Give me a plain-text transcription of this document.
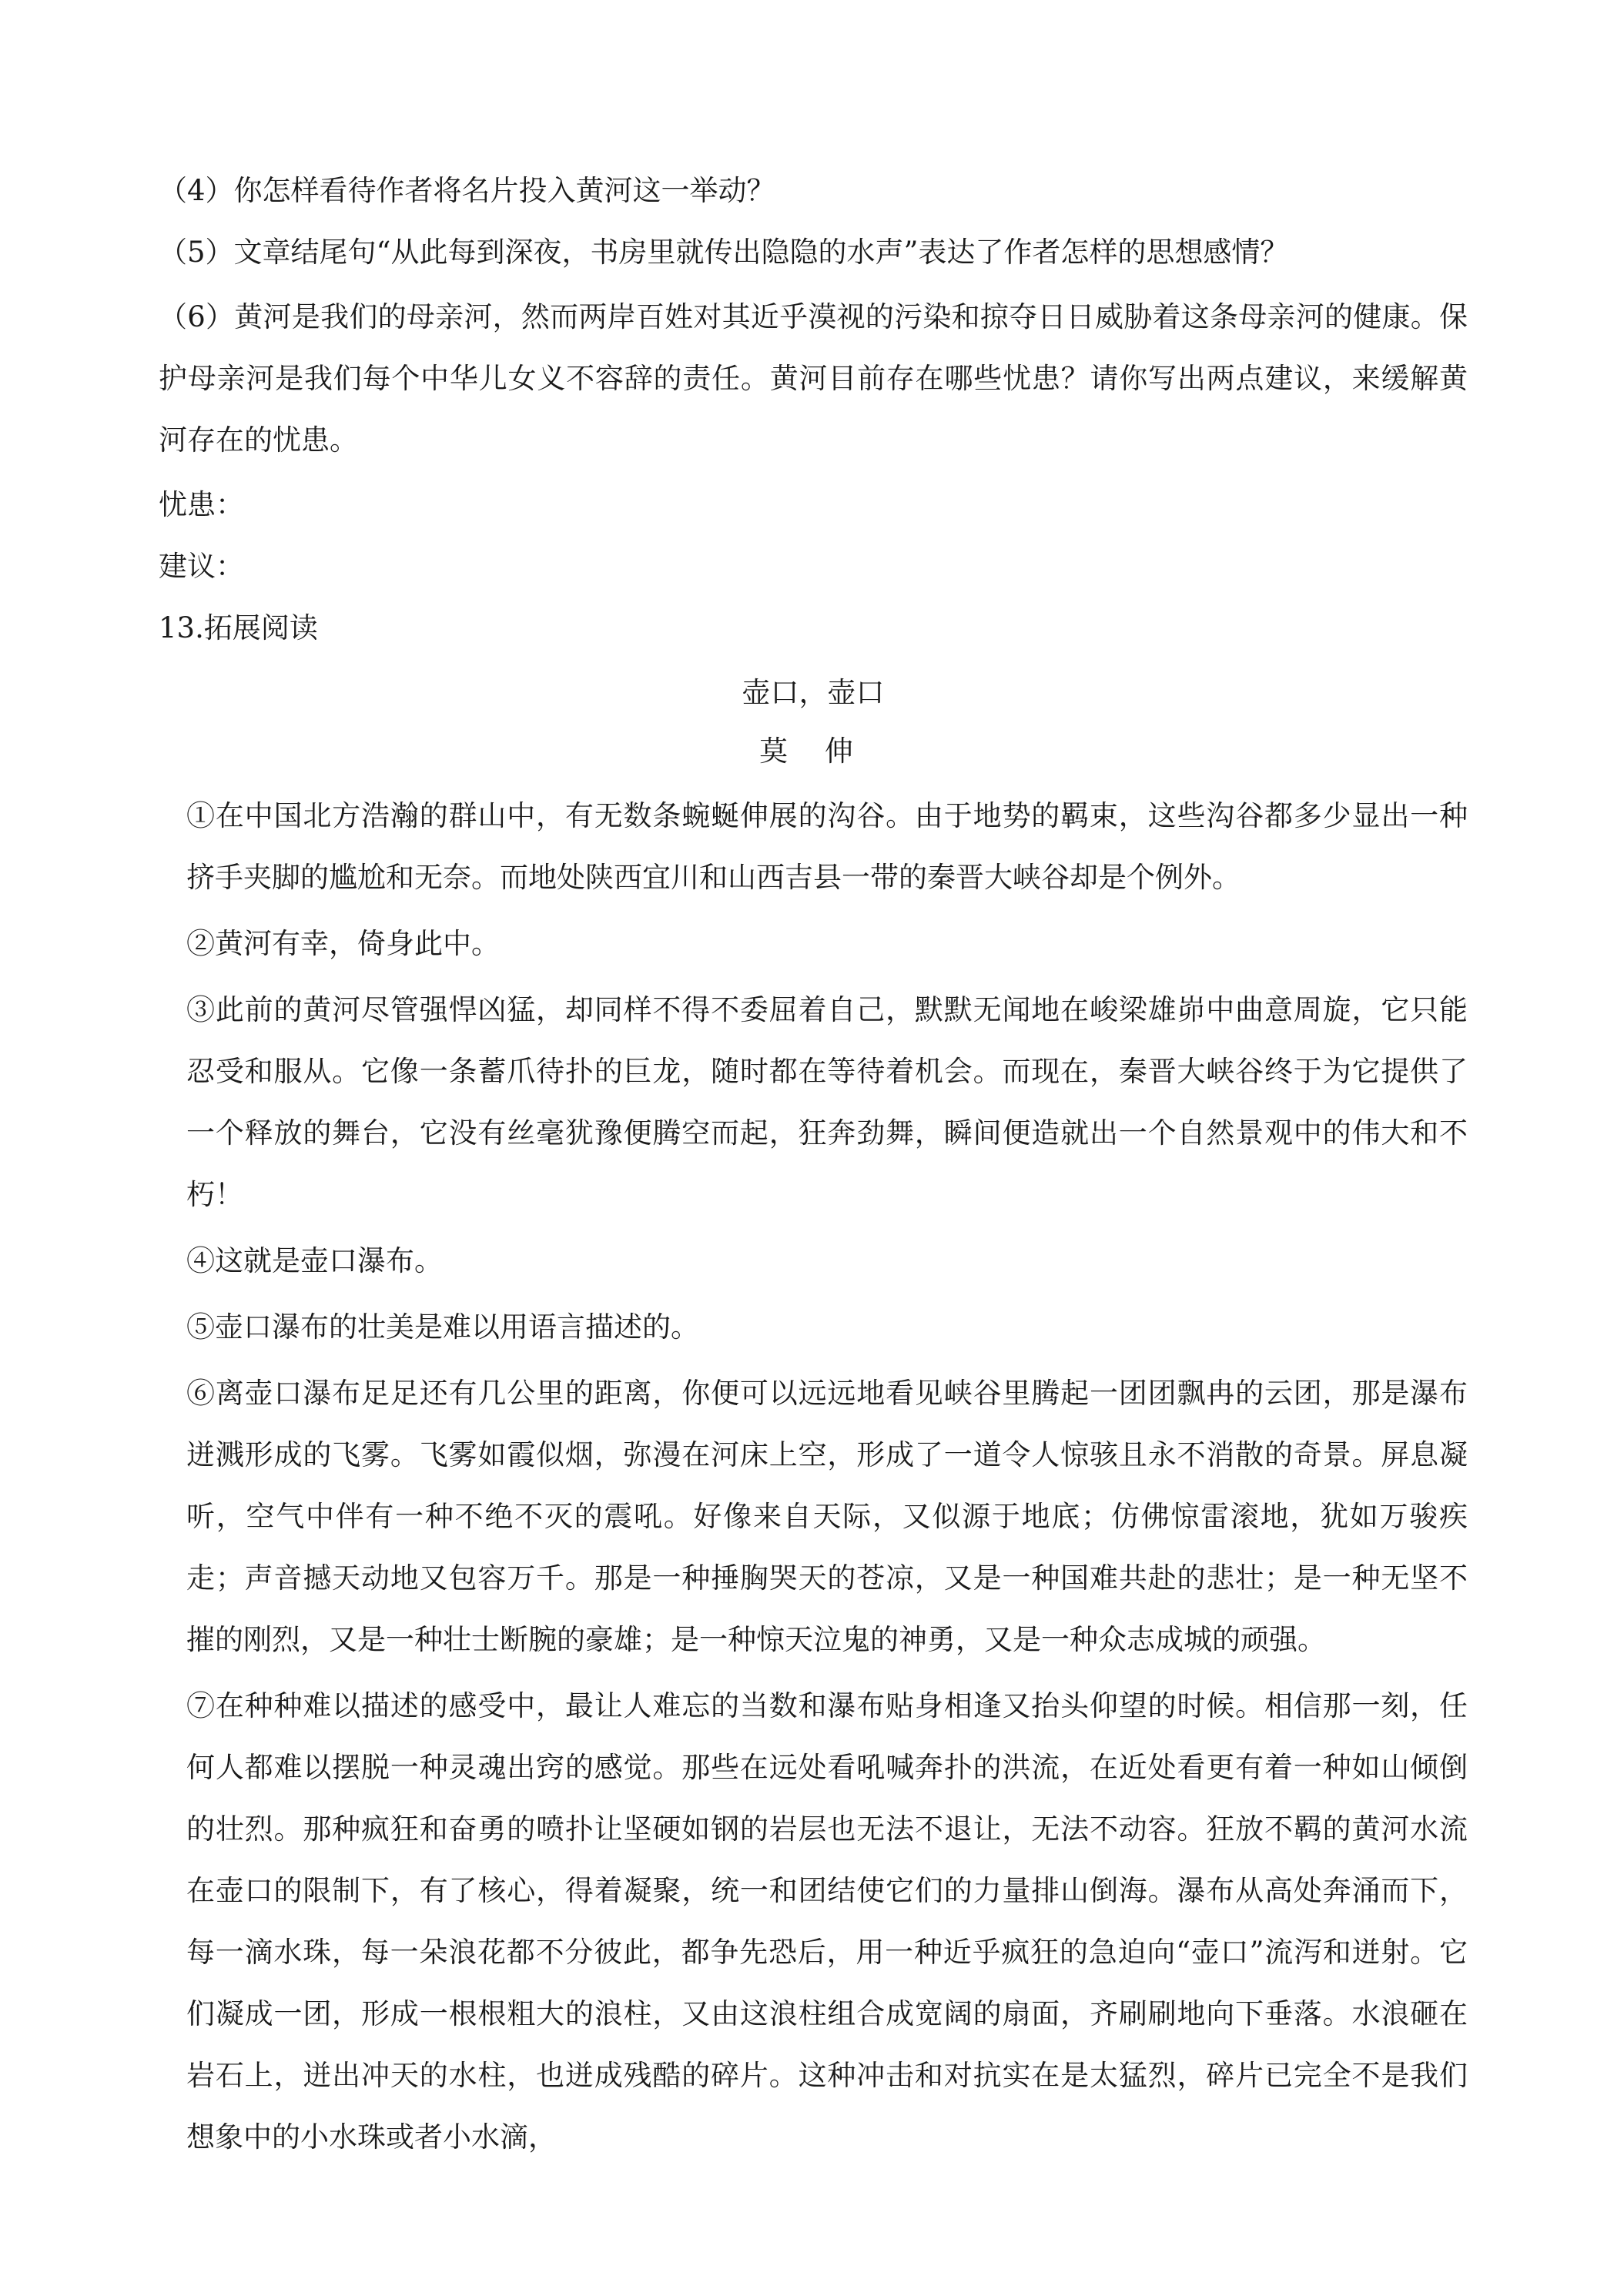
（4）你怎样看待作者将名片投入黄河这一举动？
（5）文章结尾句“从此每到深夜，书房里就传出隐隐的水声”表达了作者怎样的思想感情？
（6）黄河是我们的母亲河，然而两岸百姓对其近乎漠视的污染和掠夺日日威胁着这条母亲河的健康。保护母亲河是我们每个中华儿女义不容辞的责任。黄河目前存在哪些忧患？请你写出两点建议，来缓解黄河存在的忧患。
忧患：
建议：
13.拓展阅读
壶口，壶口
莫 伸
①在中国北方浩瀚的群山中，有无数条蜿蜒伸展的沟谷。由于地势的羁束，这些沟谷都多少显出一种挤手夹脚的尴尬和无奈。而地处陕西宜川和山西吉县一带的秦晋大峡谷却是个例外。
②黄河有幸，倚身此中。
③此前的黄河尽管强悍凶猛，却同样不得不委屈着自己，默默无闻地在峻梁雄峁中曲意周旋，它只能忍受和服从。它像一条蓄爪待扑的巨龙，随时都在等待着机会。而现在，秦晋大峡谷终于为它提供了一个释放的舞台，它没有丝毫犹豫便腾空而起，狂奔劲舞，瞬间便造就出一个自然景观中的伟大和不朽！
④这就是壶口瀑布。
⑤壶口瀑布的壮美是难以用语言描述的。
⑥离壶口瀑布足足还有几公里的距离，你便可以远远地看见峡谷里腾起一团团飘冉的云团，那是瀑布迸溅形成的飞雾。飞雾如霞似烟，弥漫在河床上空，形成了一道令人惊骇且永不消散的奇景。屏息凝听，空气中伴有一种不绝不灭的震吼。好像来自天际，又似源于地底；仿佛惊雷滚地，犹如万骏疾走；声音撼天动地又包容万千。那是一种捶胸哭天的苍凉，又是一种国难共赴的悲壮；是一种无坚不摧的刚烈，又是一种壮士断腕的豪雄；是一种惊天泣鬼的神勇，又是一种众志成城的顽强。
⑦在种种难以描述的感受中，最让人难忘的当数和瀑布贴身相逢又抬头仰望的时候。相信那一刻，任何人都难以摆脱一种灵魂出窍的感觉。那些在远处看吼喊奔扑的洪流，在近处看更有着一种如山倾倒的壮烈。那种疯狂和奋勇的喷扑让坚硬如钢的岩层也无法不退让，无法不动容。狂放不羁的黄河水流在壶口的限制下，有了核心，得着凝聚，统一和团结使它们的力量排山倒海。瀑布从高处奔涌而下，每一滴水珠，每一朵浪花都不分彼此，都争先恐后，用一种近乎疯狂的急迫向“壶口”流泻和迸射。它们凝成一团，形成一根根粗大的浪柱，又由这浪柱组合成宽阔的扇面，齐刷刷地向下垂落。水浪砸在岩石上，迸出冲天的水柱，也迸成残酷的碎片。这种冲击和对抗实在是太猛烈，碎片已完全不是我们想象中的小水珠或者小水滴，
